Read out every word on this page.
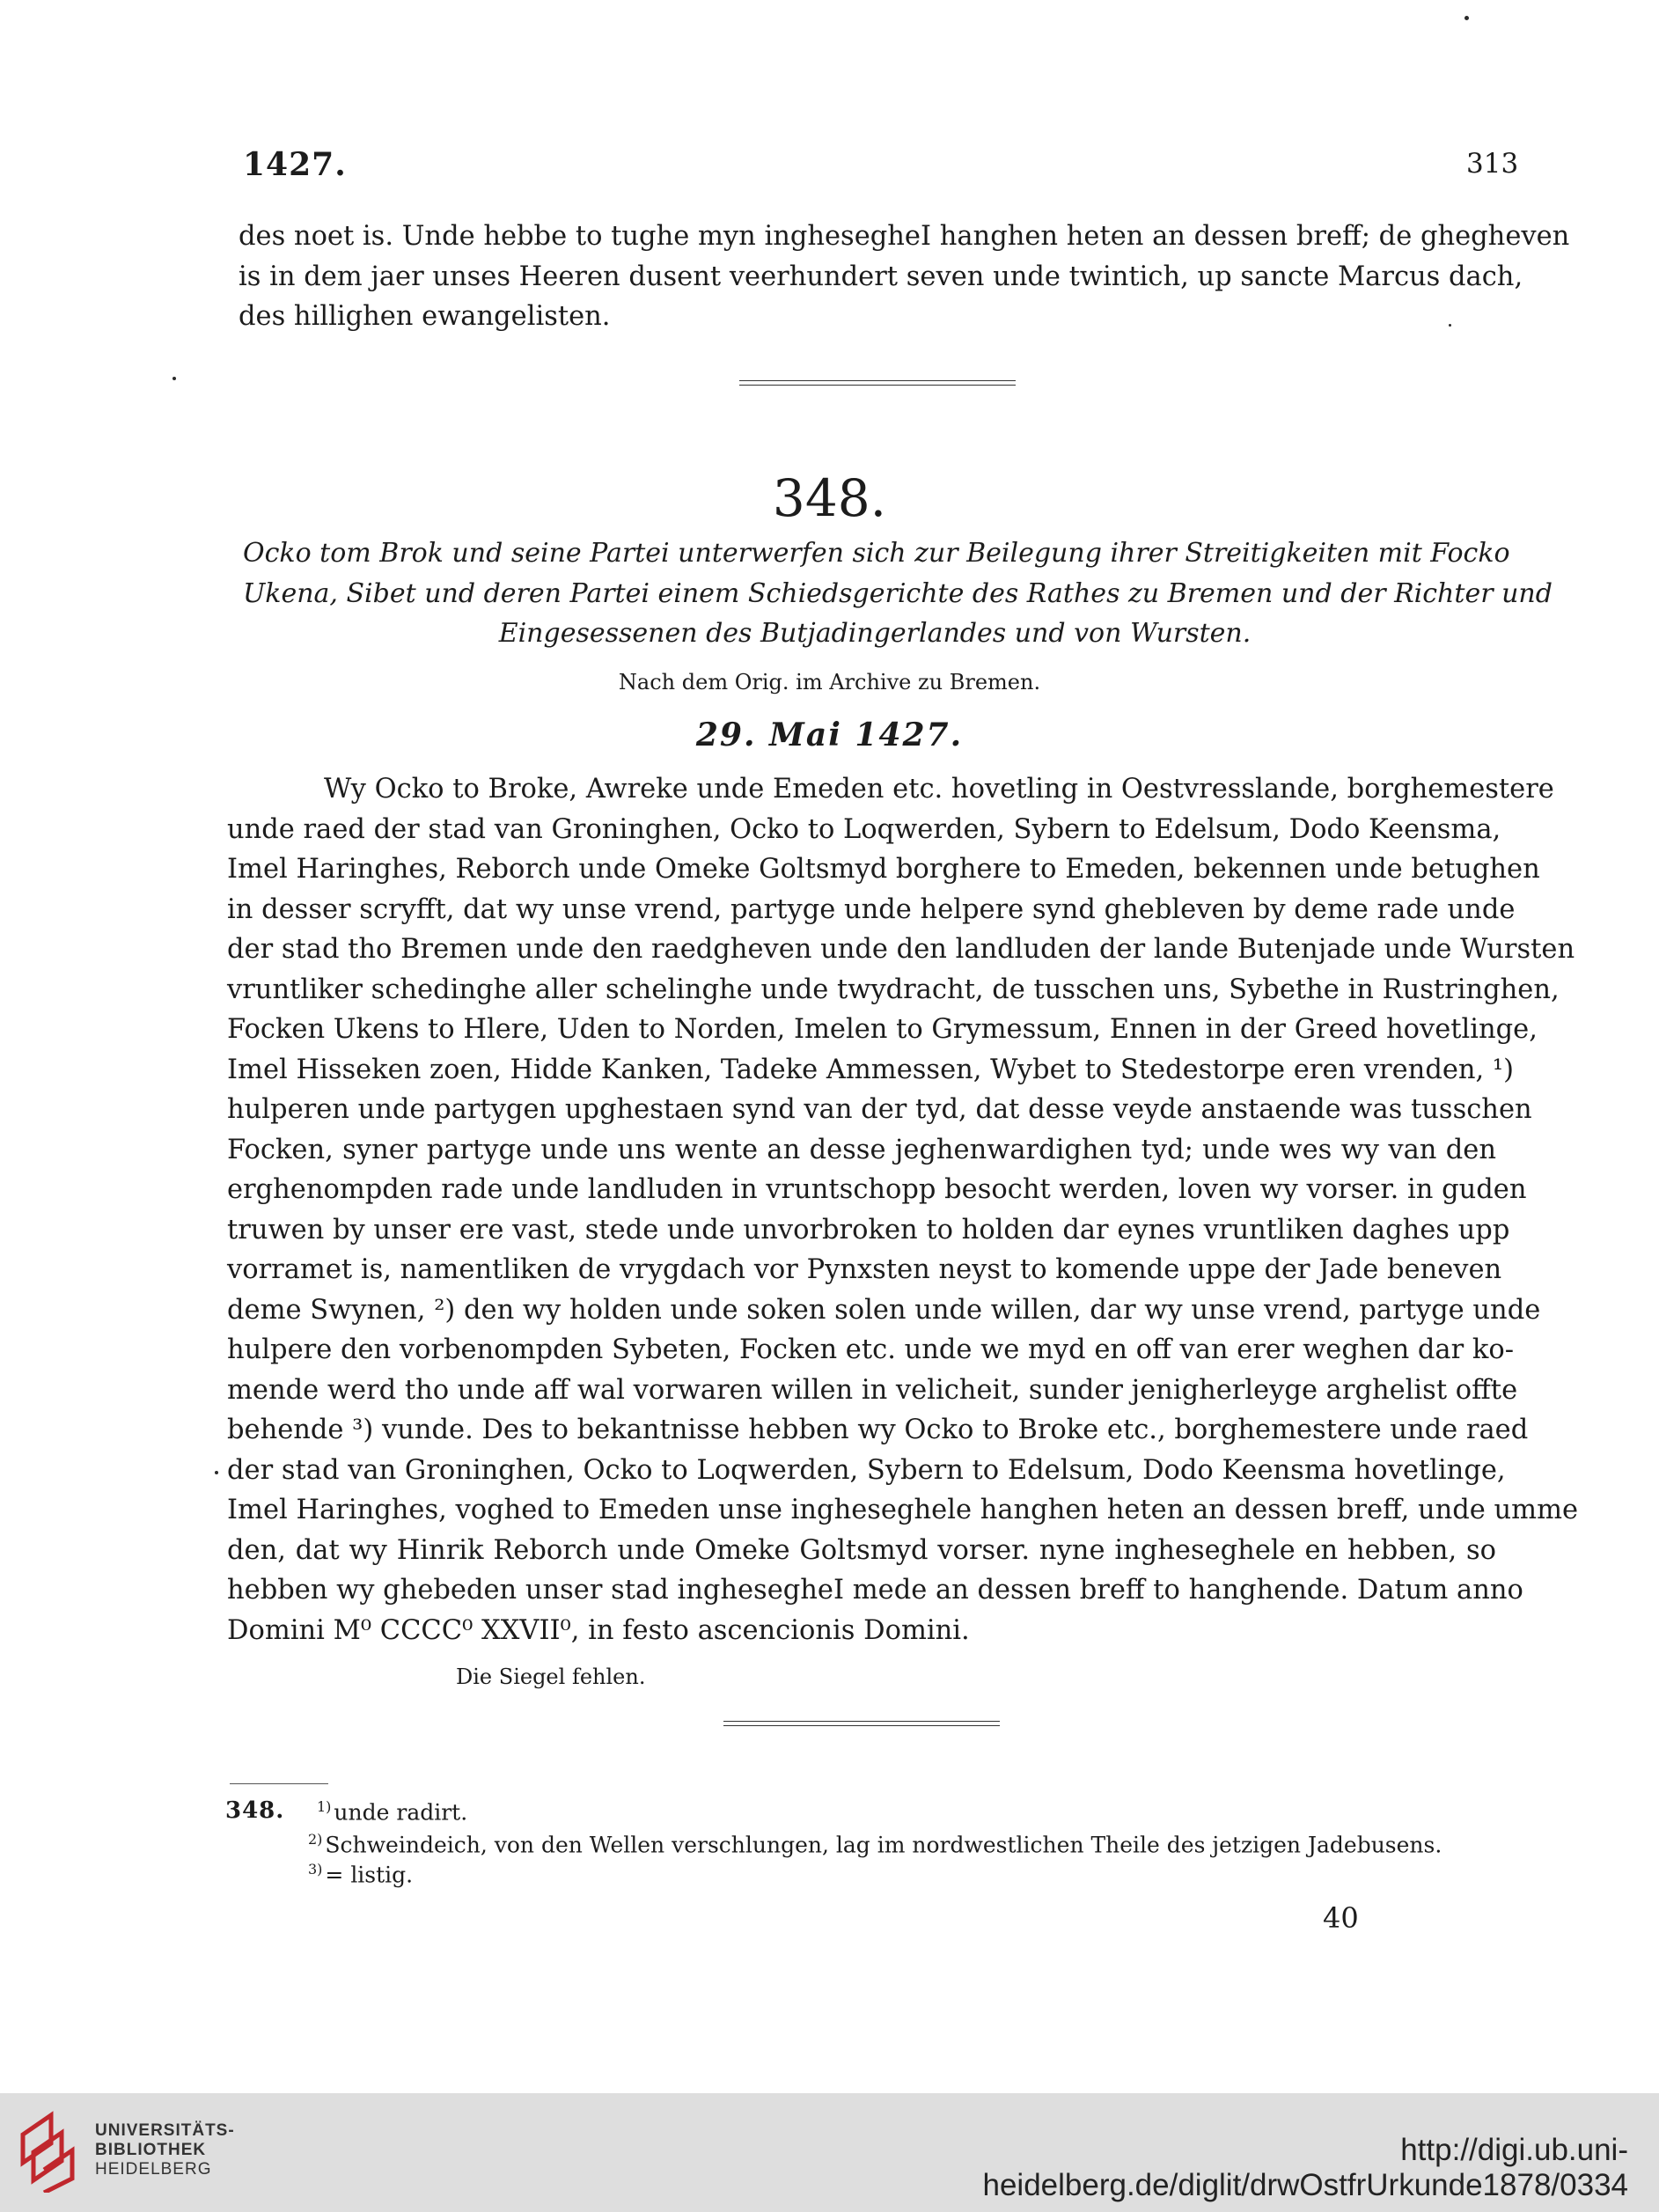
1427.	313
des noet is. Unde hebbe to tughe myn inghesegheI hanghen heten an dessen breff; de ghegheven
is in dem jaer unses Heeren dusent veerhundert seven unde twintich, up sancte Marcus dach,
des hillighen ewangelisten.
348.
Ocko tom Brok und seine Partei unterwerfen sich zur Beilegung ihrer Streitigkeiten mit Focko
Ukena, Sibet und deren Partei einem Schiedsgerichte des Rathes zu Bremen und der Richter und
Eingesessenen des Butjadingerlandes und von Wursten.
Nach dem Orig. im Archive zu Bremen.
29. Mai 1427.
Wy Ocko to Broke, Awreke unde Emeden etc. hovetling in Oestvresslande, borghemestere
unde raed der stad van Groninghen, Ocko to Loqwerden, Sybern to Edelsum, Dodo Keensma,
Imel Haringhes, Reborch unde Omeke Goltsmyd borghere to Emeden, bekennen unde betughen
in desser scryfft, dat wy unse vrend, partyge unde helpere synd ghebleven by deme rade unde
der stad tho Bremen unde den raedgheven unde den landluden der lande Butenjade unde Wursten
vruntliker schedinghe aller schelinghe unde twydracht, de tusschen uns, Sybethe in Rustringhen,
Focken Ukens to Hlere, Uden to Norden, Imelen to Grymessum, Ennen in der Greed hovetlinge,
Imel Hisseken zoen, Hidde Kanken, Tadeke Ammessen, Wybet to Stedestorpe eren vrenden, ¹)
hulperen unde partygen upghestaen synd van der tyd, dat desse veyde anstaende was tusschen
Focken, syner partyge unde uns wente an desse jeghenwardighen tyd; unde wes wy van den
erghenompden rade unde landluden in vruntschopp besocht werden, loven wy vorser. in guden
truwen by unser ere vast, stede unde unvorbroken to holden dar eynes vruntliken daghes upp
vorramet is, namentliken de vrygdach vor Pynxsten neyst to komende uppe der Jade beneven
deme Swynen, ²) den wy holden unde soken solen unde willen, dar wy unse vrend, partyge unde
hulpere den vorbenompden Sybeten, Focken etc. unde we myd en off van erer weghen dar ko-
mende werd tho unde aff wal vorwaren willen in velicheit, sunder jenigherleyge arghelist offte
behende ³) vunde. Des to bekantnisse hebben wy Ocko to Broke etc., borghemestere unde raed
der stad van Groninghen, Ocko to Loqwerden, Sybern to Edelsum, Dodo Keensma hovetlinge,
Imel Haringhes, voghed to Emeden unse ingheseghele hanghen heten an dessen breff, unde umme
den, dat wy Hinrik Reborch unde Omeke Goltsmyd vorser. nyne ingheseghele en hebben, so
hebben wy ghebeden unser stad inghesegheI mede an dessen breff to hanghende. Datum anno
Domini M⁰ CCCC⁰ XXVII⁰, in festo ascencionis Domini.
Die Siegel fehlen.
348. $^{1)}$ unde radirt.
$^{2)}$ Schweindeich, von den Wellen verschlungen, lag im nordwestlichen Theile des jetzigen Jadebusens.
$^{3)}$ = listig.
40
UNIVERSITÄTS-
BIBLIOTHEK
HEIDELBERG
http://digi.ub.uni-heidelberg.de/diglit/drwOstfrUrkunde1878/0334
